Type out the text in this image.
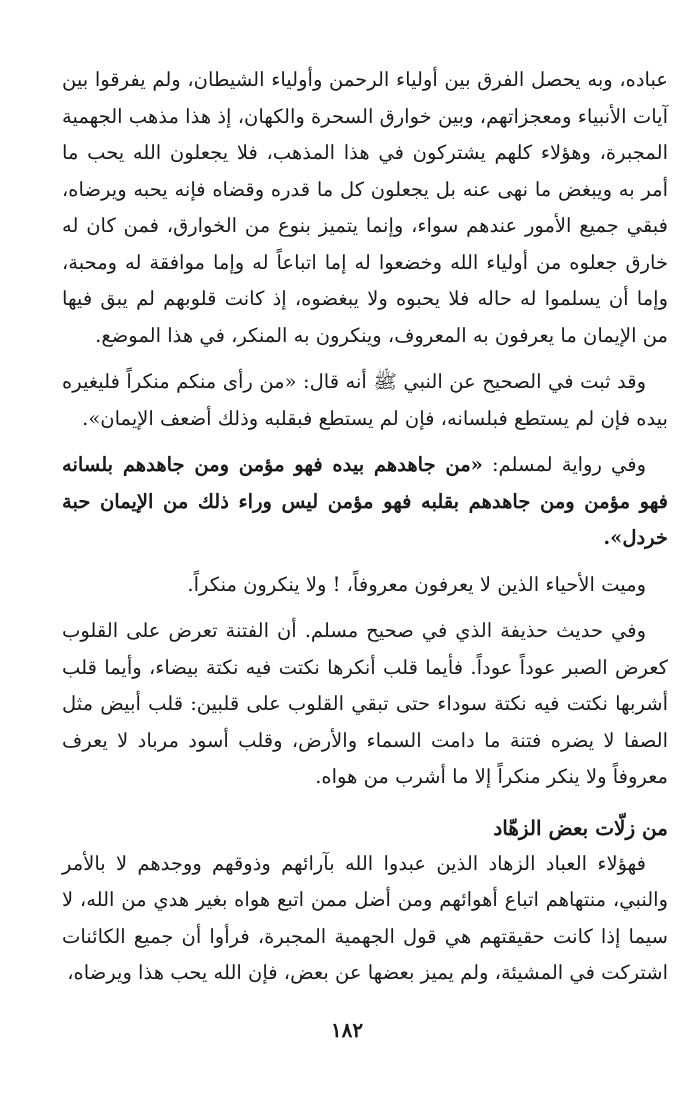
عباده، وبه يحصل الفرق بين أولياء الرحمن وأولياء الشيطان، ولم يفرقوا بين آيات الأنبياء ومعجزاتهم، وبين خوارق السحرة والكهان، إذ هذا مذهب الجهمية المجبرة، وهؤلاء كلهم يشتركون في هذا المذهب، فلا يجعلون الله يحب ما أمر به ويبغض ما نهى عنه بل يجعلون كل ما قدره وقضاه فإنه يحبه ويرضاه، فبقي جميع الأمور عندهم سواء، وإنما يتميز بنوع من الخوارق، فمن كان له خارق جعلوه من أولياء الله وخضعوا له إما اتباعاً له وإما موافقة له ومحبة، وإما أن يسلموا له حاله فلا يحبوه ولا يبغضوه، إذ كانت قلوبهم لم يبق فيها من الإيمان ما يعرفون به المعروف، وينكرون به المنكر، في هذا الموضع.

وقد ثبت في الصحيح عن النبي ﷺ أنه قال: «من رأى منكم منكراً فليغيره بيده فإن لم يستطع فبلسانه، فإن لم يستطع فبقلبه وذلك أضعف الإيمان».

وفي رواية لمسلم: «من جاهدهم بيده فهو مؤمن ومن جاهدهم بلسانه فهو مؤمن ومن جاهدهم بقلبه فهو مؤمن ليس وراء ذلك من الإيمان حبة خردل».

وميت الأحياء الذين لا يعرفون معروفاً، ! ولا ينكرون منكراً.

وفي حديث حذيفة الذي في صحيح مسلم. أن الفتنة تعرض على القلوب كعرض الصبر عوداً عوداً. فأيما قلب أنكرها نكتت فيه نكتة بيضاء، وأيما قلب أشربها نكتت فيه نكتة سوداء حتى تبقي القلوب على قلبين: قلب أبيض مثل الصفا لا يضره فتنة ما دامت السماء والأرض، وقلب أسود مرباد لا يعرف معروفاً ولا ينكر منكراً إلا ما أشرب من هواه.

من زلّات بعض الزهّاد

فهؤلاء العباد الزهاد الذين عبدوا الله بآرائهم وذوقهم ووجدهم لا بالأمر والنبي، منتهاهم اتباع أهوائهم ومن أضل ممن اتبع هواه بغير هدي من الله، لا سيما إذا كانت حقيقتهم هي قول الجهمية المجبرة، فرأوا أن جميع الكائنات اشتركت في المشيئة، ولم يميز بعضها عن بعض، فإن الله يحب هذا ويرضاه،

١٨٢
